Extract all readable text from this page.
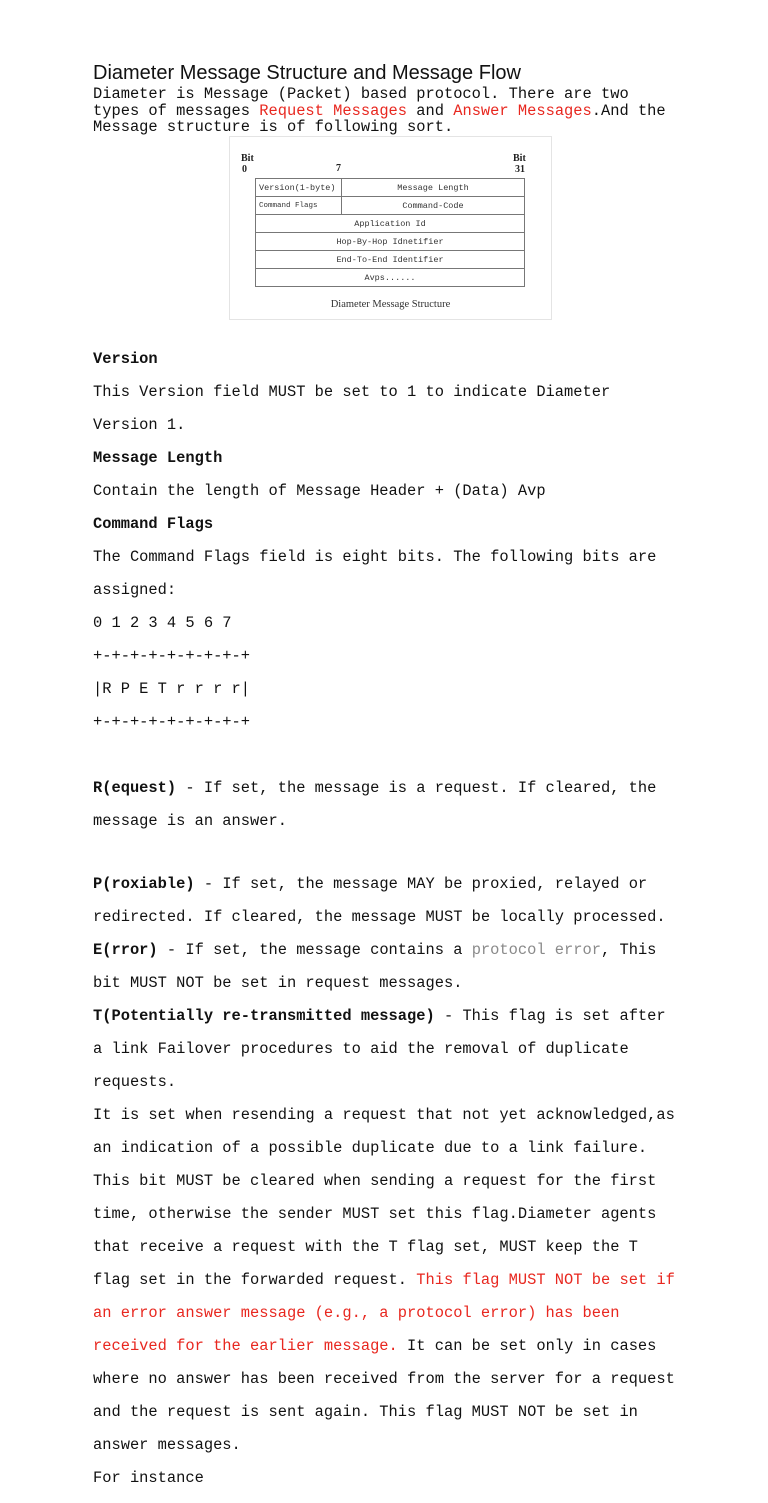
Diameter Message Structure and Message Flow
Diameter is Message (Packet) based protocol. There are two
types of messages Request Messages and Answer Messages.And the
Message structure is of following sort.
Bit
0	7
Bit
31
Version(1-byte)	Message Length
Command Flags	Command-Code
Application Id
Hop-By-Hop Idnetifier
End-To-End Identifier
Avps......
Diameter Message Structure

Version

This Version field MUST be set to 1 to indicate Diameter

Version 1.

Message Length

Contain the length of Message Header + (Data) Avp

Command Flags

The Command Flags field is eight bits. The following bits are

assigned:

0 1 2 3 4 5 6 7

+-+-+-+-+-+-+-+-+

|R P E T r r r r|

+-+-+-+-+-+-+-+-+

R(equest) - If set, the message is a request. If cleared, the

message is an answer.

P(roxiable) - If set, the message MAY be proxied, relayed or

redirected. If cleared, the message MUST be locally processed.

E(rror) - If set, the message contains a protocol error, This

bit MUST NOT be set in request messages.

T(Potentially re-transmitted message) - This flag is set after

a link Failover procedures to aid the removal of duplicate

requests.

It is set when resending a request that not yet acknowledged,as

an indication of a possible duplicate due to a link failure.

This bit MUST be cleared when sending a request for the first

time, otherwise the sender MUST set this flag.Diameter agents

that receive a request with the T flag set, MUST keep the T

flag set in the forwarded request. This flag MUST NOT be set if

an error answer message (e.g., a protocol error) has been

received for the earlier message. It can be set only in cases

where no answer has been received from the server for a request

and the request is sent again. This flag MUST NOT be set in

answer messages.

For instance
